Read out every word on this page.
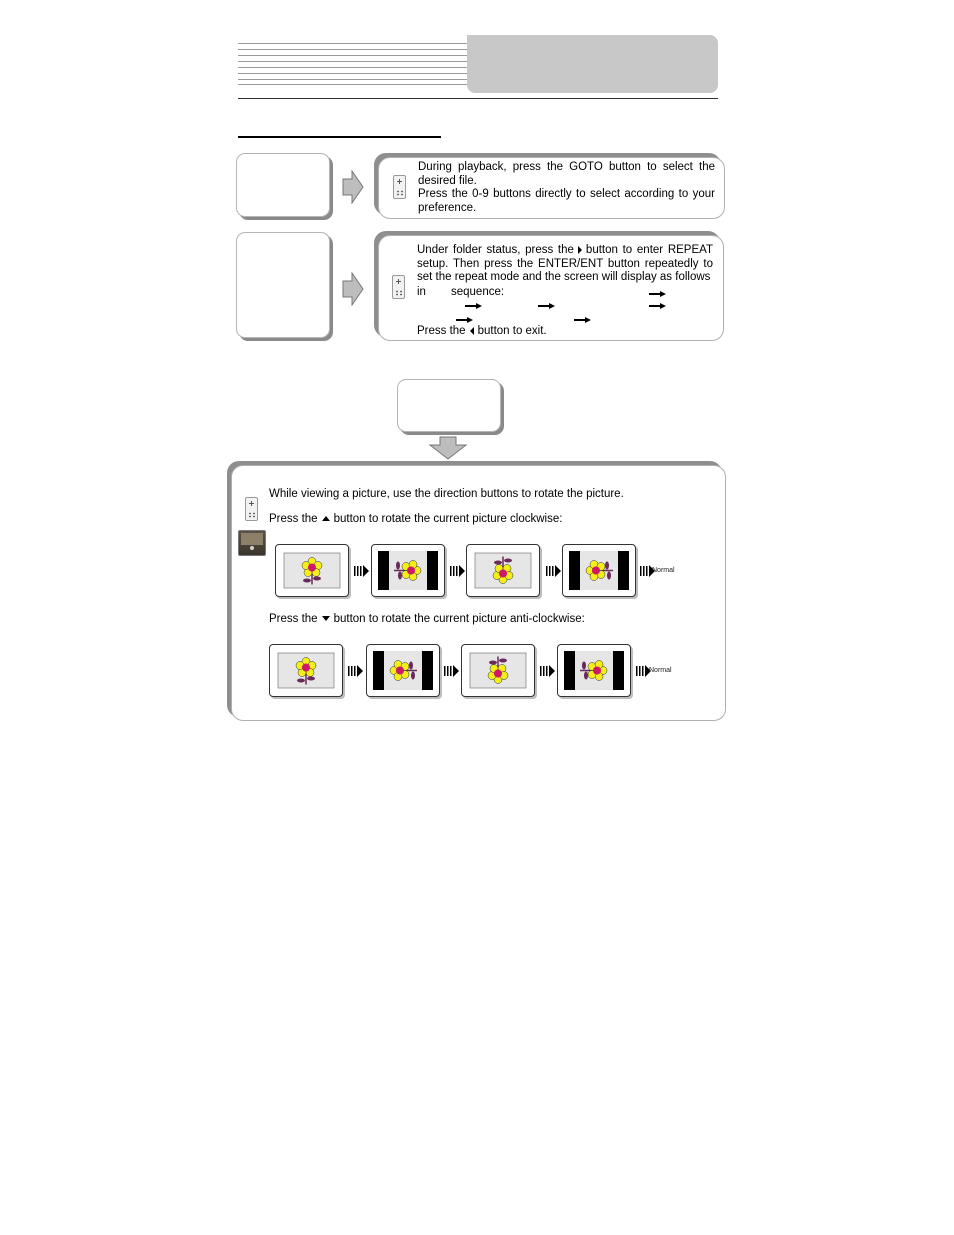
During playback, press the GOTO button to select the desired file.

Press the 0-9 buttons directly to select according to your preference.

Under folder status, press the button to enter REPEAT setup. Then press the ENTER/ENT button repeatedly to set the repeat mode and the screen will display as follows

in sequence:

Press the button to exit.

While viewing a picture, use the direction buttons to rotate the picture.

Press the button to rotate the current picture clockwise:

Press the button to rotate the current picture anti-clockwise:

Normal
Normal
